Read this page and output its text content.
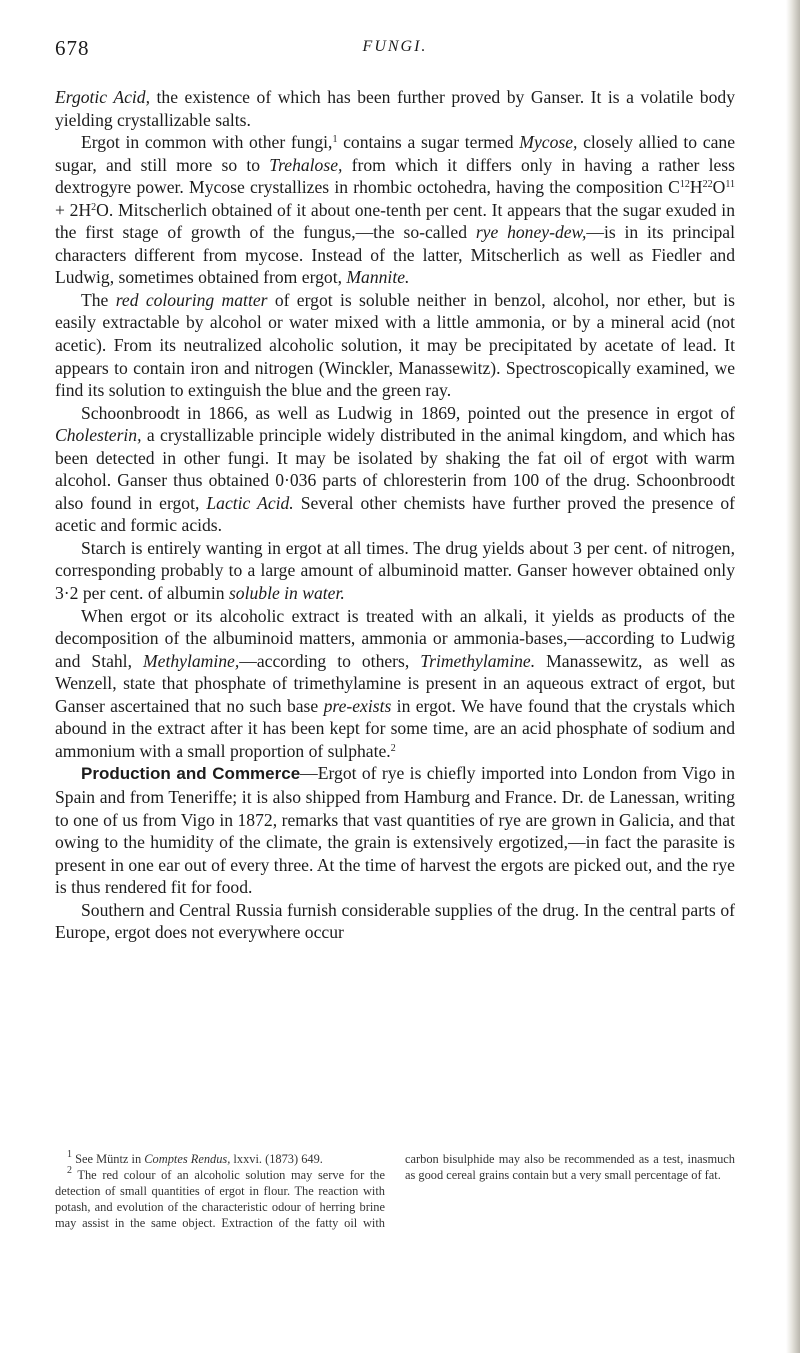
678	FUNGI.

Ergotic Acid, the existence of which has been further proved by Ganser. It is a volatile body yielding crystallizable salts.

Ergot in common with other fungi,$^1$ contains a sugar termed Mycose, closely allied to cane sugar, and still more so to Trehalose, from which it differs only in having a rather less dextrogyre power. Mycose crystallizes in rhombic octohedra, having the composition $C^{12}H^{22}O^{11} + 2H^2O$. Mitscherlich obtained of it about one-tenth per cent. It appears that the sugar exuded in the first stage of growth of the fungus,—the so-called rye honey-dew,—is in its principal characters different from mycose. Instead of the latter, Mitscherlich as well as Fiedler and Ludwig, sometimes obtained from ergot, Mannite.

The red colouring matter of ergot is soluble neither in benzol, alcohol, nor ether, but is easily extractable by alcohol or water mixed with a little ammonia, or by a mineral acid (not acetic). From its neutralized alcoholic solution, it may be precipitated by acetate of lead. It appears to contain iron and nitrogen (Winckler, Manassewitz). Spectroscopically examined, we find its solution to extinguish the blue and the green ray.

Schoonbroodt in 1866, as well as Ludwig in 1869, pointed out the presence in ergot of Cholesterin, a crystallizable principle widely distributed in the animal kingdom, and which has been detected in other fungi. It may be isolated by shaking the fat oil of ergot with warm alcohol. Ganser thus obtained 0·036 parts of chloresterin from 100 of the drug. Schoonbroodt also found in ergot, Lactic Acid. Several other chemists have further proved the presence of acetic and formic acids.

Starch is entirely wanting in ergot at all times. The drug yields about 3 per cent. of nitrogen, corresponding probably to a large amount of albuminoid matter. Ganser however obtained only 3·2 per cent. of albumin soluble in water.

When ergot or its alcoholic extract is treated with an alkali, it yields as products of the decomposition of the albuminoid matters, ammonia or ammonia-bases,—according to Ludwig and Stahl, Methylamine,—according to others, Trimethylamine. Manassewitz, as well as Wenzell, state that phosphate of trimethylamine is present in an aqueous extract of ergot, but Ganser ascertained that no such base pre-exists in ergot. We have found that the crystals which abound in the extract after it has been kept for some time, are an acid phosphate of sodium and ammonium with a small proportion of sulphate.$^2$

Production and Commerce—Ergot of rye is chiefly imported into London from Vigo in Spain and from Teneriffe; it is also shipped from Hamburg and France. Dr. de Lanessan, writing to one of us from Vigo in 1872, remarks that vast quantities of rye are grown in Galicia, and that owing to the humidity of the climate, the grain is extensively ergotized,—in fact the parasite is present in one ear out of every three. At the time of harvest the ergots are picked out, and the rye is thus rendered fit for food.

Southern and Central Russia furnish considerable supplies of the drug. In the central parts of Europe, ergot does not everywhere occur

$^1$ See Müntz in Comptes Rendus, lxxvi. (1873) 649.

$^2$ The red colour of an alcoholic solution may serve for the detection of small quantities of ergot in flour. The reaction with potash, and evolution of the characteristic odour of herring brine may assist in the same object. Extraction of the fatty oil with carbon bisulphide may also be recommended as a test, inasmuch as good cereal grains contain but a very small percentage of fat.
